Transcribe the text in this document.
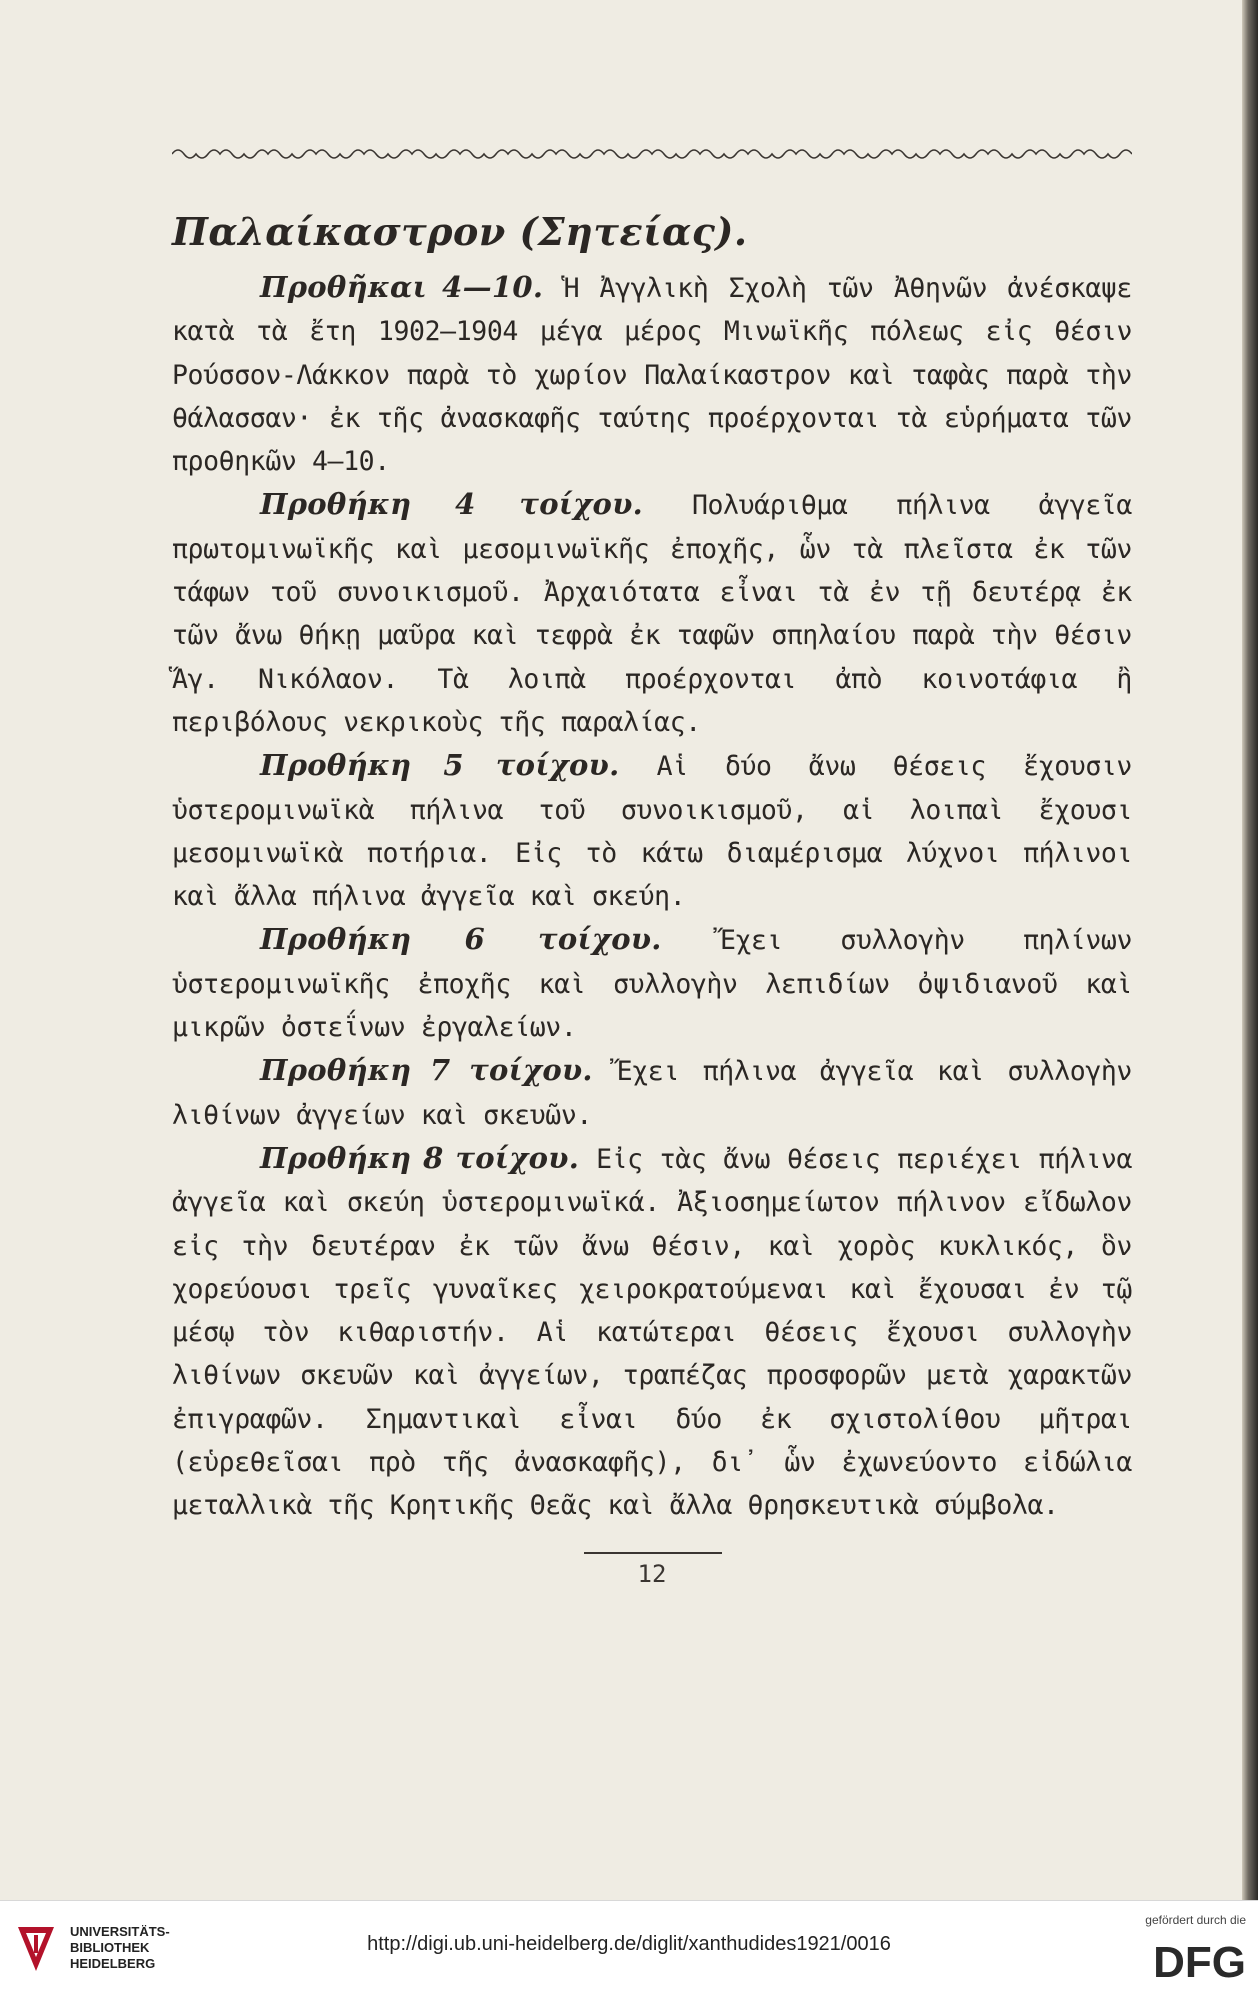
Παλαίκαστρον (Σητείας).

Προθῆκαι 4—10. Ἡ Ἀγγλικὴ Σχολὴ τῶν Ἀθηνῶν ἀνέσκαψε κατὰ τὰ ἔτη 1902—1904 μέγα μέρος Μινωϊκῆς πόλεως εἰς θέσιν Ρούσσον-Λάκκον παρὰ τὸ χωρίον Παλαίκαστρον καὶ ταφὰς παρὰ τὴν θάλασσαν· ἐκ τῆς ἀνασκαφῆς ταύτης προέρχονται τὰ εὑρήματα τῶν προθηκῶν 4—10.

Προθήκη 4 τοίχου. Πολυάριθμα πήλινα ἀγγεῖα πρωτομινωϊκῆς καὶ μεσομινωϊκῆς ἐποχῆς, ὧν τὰ πλεῖστα ἐκ τῶν τάφων τοῦ συνοικισμοῦ. Ἀρχαιότατα εἶναι τὰ ἐν τῇ δευτέρᾳ ἐκ τῶν ἄνω θήκῃ μαῦρα καὶ τεφρὰ ἐκ ταφῶν σπηλαίου παρὰ τὴν θέσιν Ἅγ. Νικόλαον. Τὰ λοιπὰ προέρχονται ἀπὸ κοινοτάφια ἢ περιβόλους νεκρικοὺς τῆς παραλίας.

Προθήκη 5 τοίχου. Αἱ δύο ἄνω θέσεις ἔχουσιν ὑστερομινωϊκὰ πήλινα τοῦ συνοικισμοῦ, αἱ λοιπαὶ ἔχουσι μεσομινωϊκὰ ποτήρια. Εἰς τὸ κάτω διαμέρισμα λύχνοι πήλινοι καὶ ἄλλα πήλινα ἀγγεῖα καὶ σκεύη.

Προθήκη 6 τοίχου. Ἔχει συλλογὴν πηλίνων ὑστερομινωϊκῆς ἐποχῆς καὶ συλλογὴν λεπιδίων ὀψιδιανοῦ καὶ μικρῶν ὀστεΐνων ἐργαλείων.

Προθήκη 7 τοίχου. Ἔχει πήλινα ἀγγεῖα καὶ συλλογὴν λιθίνων ἀγγείων καὶ σκευῶν.

Προθήκη 8 τοίχου. Εἰς τὰς ἄνω θέσεις περιέχει πήλινα ἀγγεῖα καὶ σκεύη ὑστερομινωϊκά. Ἀξιοσημείωτον πήλινον εἴδωλον εἰς τὴν δευτέραν ἐκ τῶν ἄνω θέσιν, καὶ χορὸς κυκλικός, ὃν χορεύουσι τρεῖς γυναῖκες χειροκρατούμεναι καὶ ἔχουσαι ἐν τῷ μέσῳ τὸν κιθαριστήν. Αἱ κατώτεραι θέσεις ἔχουσι συλλογὴν λιθίνων σκευῶν καὶ ἀγγείων, τραπέζας προσφορῶν μετὰ χαρακτῶν ἐπιγραφῶν. Σημαντικαὶ εἶναι δύο ἐκ σχιστολίθου μῆτραι (εὑρεθεῖσαι πρὸ τῆς ἀνασκαφῆς), δι᾽ ὧν ἐχωνεύοντο εἰδώλια μεταλλικὰ τῆς Κρητικῆς Θεᾶς καὶ ἄλλα θρησκευτικὰ σύμβολα.

12
UNIVERSITÄTS-
BIBLIOTHEK
HEIDELBERG
http://digi.ub.uni-heidelberg.de/diglit/xanthudides1921/0016
gefördert durch die
DFG
